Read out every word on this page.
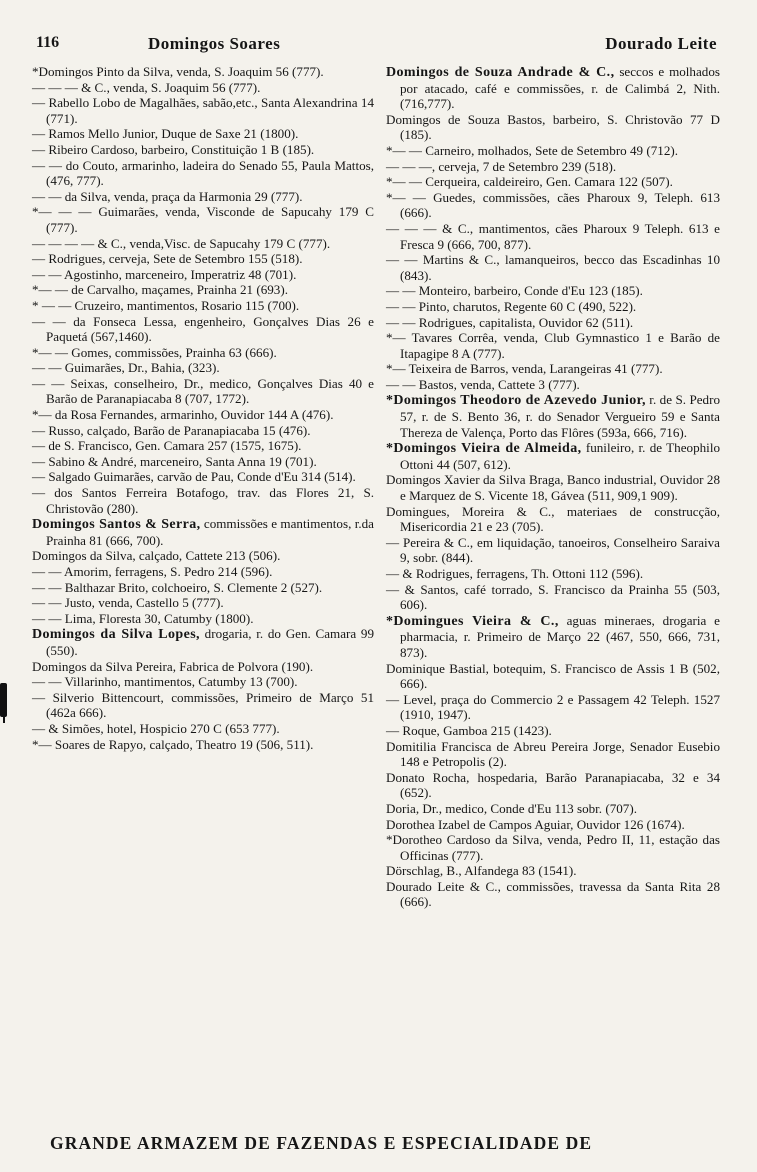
116	Domingos Soares	Dourado Leite

*Domingos Pinto da Silva, venda, S. Joaquim 56 (777).

— — — & C., venda, S. Joaquim 56 (777).

— Rabello Lobo de Magalhães, sabão,etc., Santa Alexandrina 14 (771).

— Ramos Mello Junior, Duque de Saxe 21 (1800).

— Ribeiro Cardoso, barbeiro, Constituição 1 B (185).

— — do Couto, armarinho, ladeira do Senado 55, Paula Mattos, (476, 777).

— — da Silva, venda, praça da Harmonia 29 (777).

*— — — Guimarães, venda, Visconde de Sapucahy 179 C (777).

— — — — & C., venda,Visc. de Sapucahy 179 C (777).

— Rodrigues, cerveja, Sete de Setembro 155 (518).

— — Agostinho, marceneiro, Imperatriz 48 (701).

*— — de Carvalho, maçames, Prainha 21 (693).

* — — Cruzeiro, mantimentos, Rosario 115 (700).

— — da Fonseca Lessa, engenheiro, Gonçalves Dias 26 e Paquetá (567,1460).

*— — Gomes, commissões, Prainha 63 (666).

— — Guimarães, Dr., Bahia, (323).

— — Seixas, conselheiro, Dr., medico, Gonçalves Dias 40 e Barão de Paranapiacaba 8 (707, 1772).

*— da Rosa Fernandes, armarinho, Ouvidor 144 A (476).

— Russo, calçado, Barão de Paranapiacaba 15 (476).

— de S. Francisco, Gen. Camara 257 (1575, 1675).

— Sabino & André, marceneiro, Santa Anna 19 (701).

— Salgado Guimarães, carvão de Pau, Conde d'Eu 314 (514).

— dos Santos Ferreira Botafogo, trav. das Flores 21, S. Christovão (280).

Domingos Santos & Serra, commissões e mantimentos, r.da Prainha 81 (666, 700).

Domingos da Silva, calçado, Cattete 213 (506).

— — Amorim, ferragens, S. Pedro 214 (596).

— — Balthazar Brito, colchoeiro, S. Clemente 2 (527).

— — Justo, venda, Castello 5 (777).

— — Lima, Floresta 30, Catumby (1800).

Domingos da Silva Lopes, drogaria, r. do Gen. Camara 99 (550).

Domingos da Silva Pereira, Fabrica de Polvora (190).

— — Villarinho, mantimentos, Catumby 13 (700).

— Silverio Bittencourt, commissões, Primeiro de Março 51 (462a 666).

— & Simões, hotel, Hospicio 270 C (653 777).

*— Soares de Rapyo, calçado, Theatro 19 (506, 511).

Domingos de Souza Andrade & C., seccos e molhados por atacado, café e commissões, r. de Calimbá 2, Nith. (716,777).

Domingos de Souza Bastos, barbeiro, S. Christovão 77 D (185).

*— — Carneiro, molhados, Sete de Setembro 49 (712).

— — —, cerveja, 7 de Setembro 239 (518).

*— — Cerqueira, caldeireiro, Gen. Camara 122 (507).

*— — Guedes, commissões, cães Pharoux 9, Teleph. 613 (666).

— — — & C., mantimentos, cães Pharoux 9 Teleph. 613 e Fresca 9 (666, 700, 877).

— — Martins & C., lamanqueiros, becco das Escadinhas 10 (843).

— — Monteiro, barbeiro, Conde d'Eu 123 (185).

— — Pinto, charutos, Regente 60 C (490, 522).

— — Rodrigues, capitalista, Ouvidor 62 (511).

*— Tavares Corrêa, venda, Club Gymnastico 1 e Barão de Itapagipe 8 A (777).

*— Teixeira de Barros, venda, Larangeiras 41 (777).

— — Bastos, venda, Cattete 3 (777).

*Domingos Theodoro de Azevedo Junior, r. de S. Pedro 57, r. de S. Bento 36, r. do Senador Vergueiro 59 e Santa Thereza de Valença, Porto das Flôres (593a, 666, 716).

*Domingos Vieira de Almeida, funileiro, r. de Theophilo Ottoni 44 (507, 612).

Domingos Xavier da Silva Braga, Banco industrial, Ouvidor 28 e Marquez de S. Vicente 18, Gávea (511, 909,1 909).

Domingues, Moreira & C., materiaes de construcção, Misericordia 21 e 23 (705).

— Pereira & C., em liquidação, tanoeiros, Conselheiro Saraiva 9, sobr. (844).

— & Rodrigues, ferragens, Th. Ottoni 112 (596).

— & Santos, café torrado, S. Francisco da Prainha 55 (503, 606).

*Domingues Vieira & C., aguas mineraes, drogaria e pharmacia, r. Primeiro de Março 22 (467, 550, 666, 731, 873).

Dominique Bastial, botequim, S. Francisco de Assis 1 B (502, 666).

— Level, praça do Commercio 2 e Passagem 42 Teleph. 1527 (1910, 1947).

— Roque, Gamboa 215 (1423).

Domitilia Francisca de Abreu Pereira Jorge, Senador Eusebio 148 e Petropolis (2).

Donato Rocha, hospedaria, Barão Paranapiacaba, 32 e 34 (652).

Doria, Dr., medico, Conde d'Eu 113 sobr. (707).

Dorothea Izabel de Campos Aguiar, Ouvidor 126 (1674).

*Dorotheo Cardoso da Silva, venda, Pedro II, 11, estação das Officinas (777).

Dörschlag, B., Alfandega 83 (1541).

Dourado Leite & C., commissões, travessa da Santa Rita 28 (666).

GRANDE ARMAZEM DE FAZENDAS E ESPECIALIDADE DE
